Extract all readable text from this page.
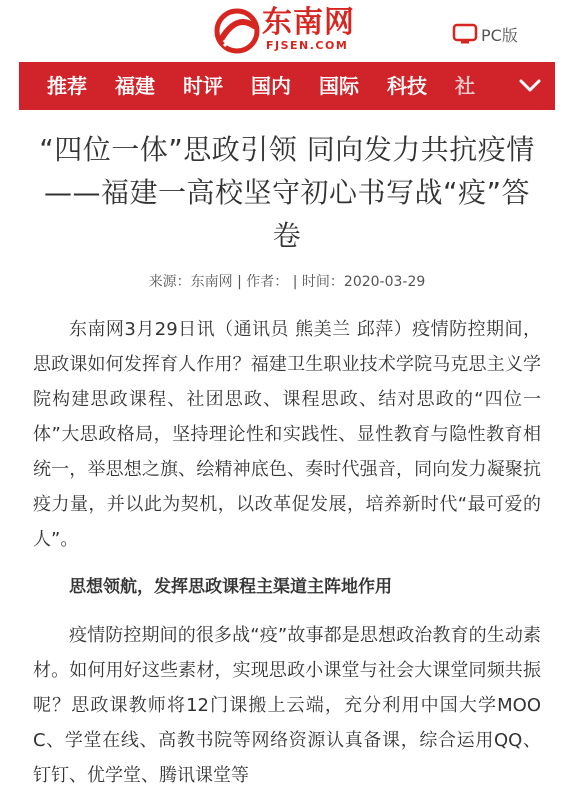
东南网
FJSEN.COM
PC版
推荐	福建	时评	国内	国际	科技	社
“四位一体”思政引领 同向发力共抗疫情——福建一高校坚守初心书写战“疫”答卷
来源：东南网 | 作者： | 时间：2020-03-29

东南网3月29日讯（通讯员 熊美兰 邱萍）疫情防控期间，思政课如何发挥育人作用？福建卫生职业技术学院马克思主义学院构建思政课程、社团思政、课程思政、结对思政的“四位一体”大思政格局，坚持理论性和实践性、显性教育与隐性教育相统一，举思想之旗、绘精神底色、奏时代强音，同向发力凝聚抗疫力量，并以此为契机，以改革促发展，培养新时代“最可爱的人”。

思想领航，发挥思政课程主渠道主阵地作用

疫情防控期间的很多战“疫”故事都是思想政治教育的生动素材。如何用好这些素材，实现思政小课堂与社会大课堂同频共振呢？思政课教师将12门课搬上云端，充分利用中国大学MOOC、学堂在线、高教书院等网络资源认真备课，综合运用QQ、钉钉、优学堂、腾讯课堂等
